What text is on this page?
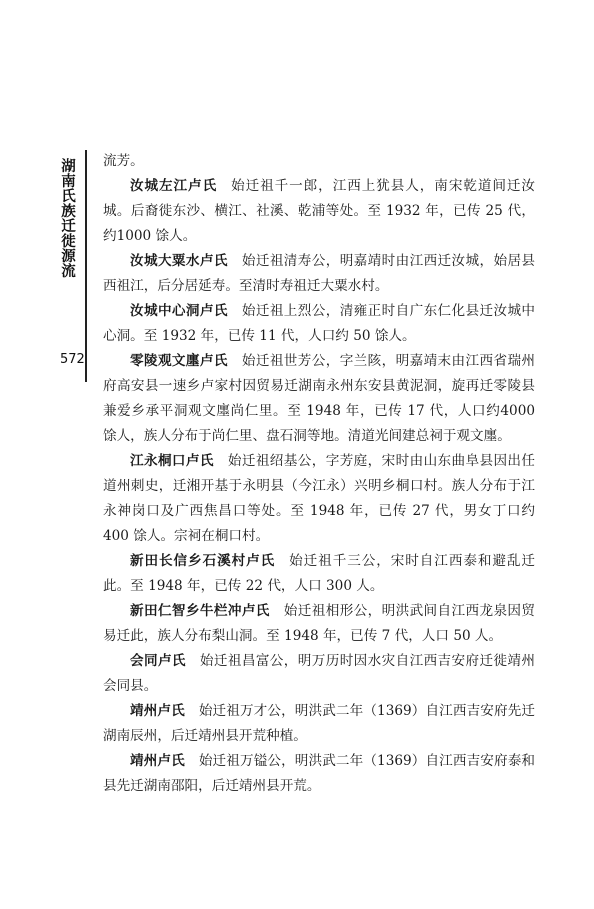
湖南氏族迁徙源流
572

流芳。

汝城左江卢氏 始迁祖千一郎，江西上犹县人，南宋乾道间迁汝城。后裔徙东沙、横江、社溪、乾浦等处。至 1932 年，已传 25 代，约1000 馀人。

汝城大粟水卢氏 始迁祖清寿公，明嘉靖时由江西迁汝城，始居县西祖江，后分居延寿。至清时寿祖迁大粟水村。

汝城中心洞卢氏 始迁祖上烈公，清雍正时自广东仁化县迁汝城中心洞。至 1932 年，已传 11 代，人口约 50 馀人。

零陵观文廛卢氏 始迁祖世芳公，字兰陔，明嘉靖末由江西省瑞州府高安县一速乡卢家村因贸易迁湖南永州东安县黄泥洞，旋再迁零陵县兼爱乡承平洞观文廛尚仁里。至 1948 年，已传 17 代，人口约4000 馀人，族人分布于尚仁里、盘石洞等地。清道光间建总祠于观文廛。

江永桐口卢氏 始迁祖绍基公，字芳庭，宋时由山东曲阜县因出任道州刺史，迁湘开基于永明县（今江永）兴明乡桐口村。族人分布于江永神岗口及广西焦昌口等处。至 1948 年，已传 27 代，男女丁口约 400 馀人。宗祠在桐口村。

新田长信乡石溪村卢氏 始迁祖千三公，宋时自江西泰和避乱迁此。至 1948 年，已传 22 代，人口 300 人。

新田仁智乡牛栏冲卢氏 始迁祖相形公，明洪武间自江西龙泉因贸易迁此，族人分布梨山洞。至 1948 年，已传 7 代，人口 50 人。

会同卢氏 始迁祖昌富公，明万历时因水灾自江西吉安府迁徙靖州会同县。

靖州卢氏 始迁祖万才公，明洪武二年（1369）自江西吉安府先迁湖南辰州，后迁靖州县开荒种植。

靖州卢氏 始迁祖万镒公，明洪武二年（1369）自江西吉安府泰和县先迁湖南邵阳，后迁靖州县开荒。
